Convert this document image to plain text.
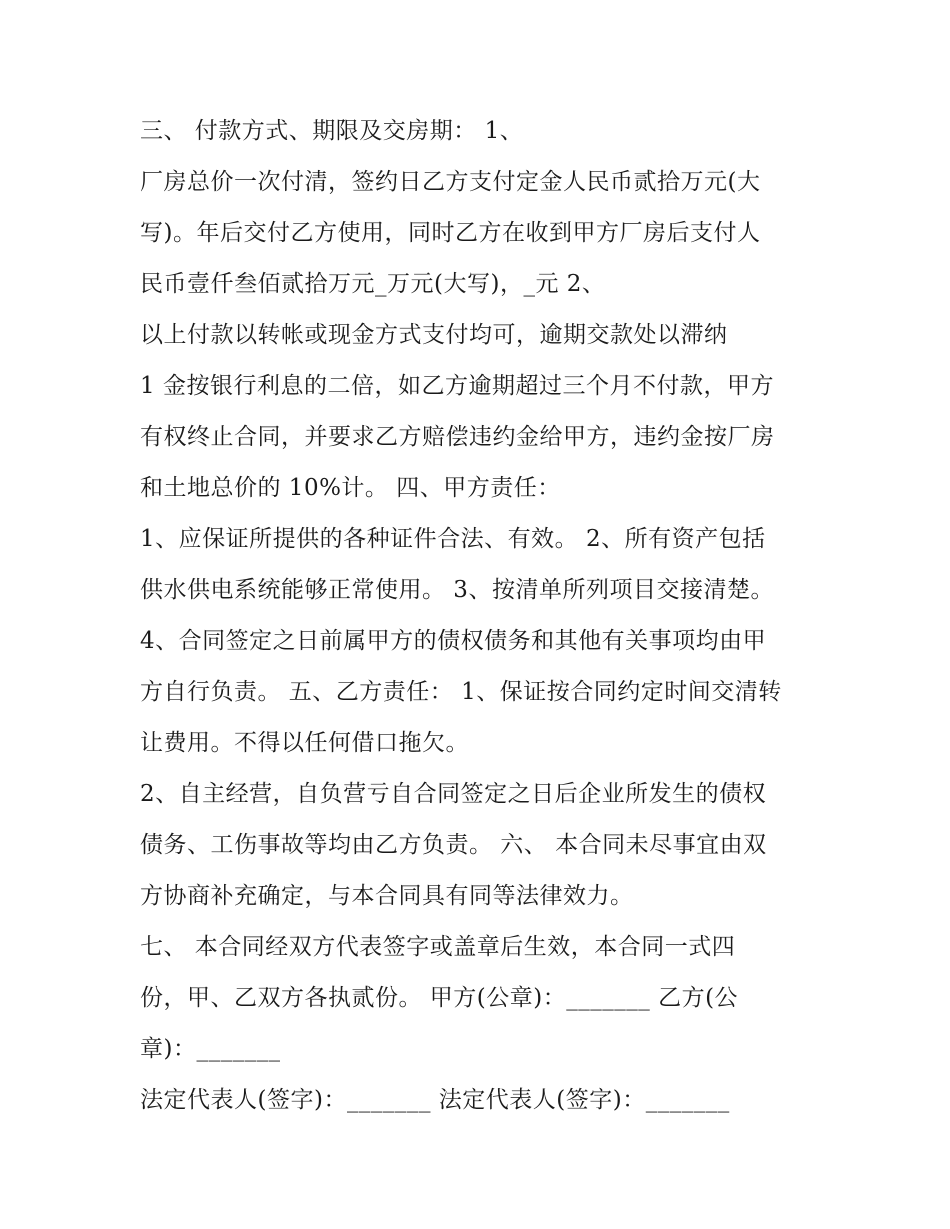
三、 付款方式、期限及交房期： 1、
厂房总价一次付清，签约日乙方支付定金人民币贰拾万元(大
写)。年后交付乙方使用，同时乙方在收到甲方厂房后支付人
民币壹仟叁佰贰拾万元_万元(大写)，_元 2、
以上付款以转帐或现金方式支付均可，逾期交款处以滞纳
1 金按银行利息的二倍，如乙方逾期超过三个月不付款，甲方
有权终止合同，并要求乙方赔偿违约金给甲方，违约金按厂房
和土地总价的 10%计。 四、甲方责任：
1、应保证所提供的各种证件合法、有效。 2、所有资产包括
供水供电系统能够正常使用。 3、按清单所列项目交接清楚。
4、合同签定之日前属甲方的债权债务和其他有关事项均由甲
方自行负责。 五、乙方责任： 1、保证按合同约定时间交清转
让费用。不得以任何借口拖欠。
2、自主经营，自负营亏自合同签定之日后企业所发生的债权
债务、工伤事故等均由乙方负责。 六、 本合同未尽事宜由双
方协商补充确定，与本合同具有同等法律效力。
七、 本合同经双方代表签字或盖章后生效，本合同一式四
份，甲、乙双方各执贰份。 甲方(公章)：_______ 乙方(公
章)：_______
法定代表人(签字)：_______ 法定代表人(签字)：_______
